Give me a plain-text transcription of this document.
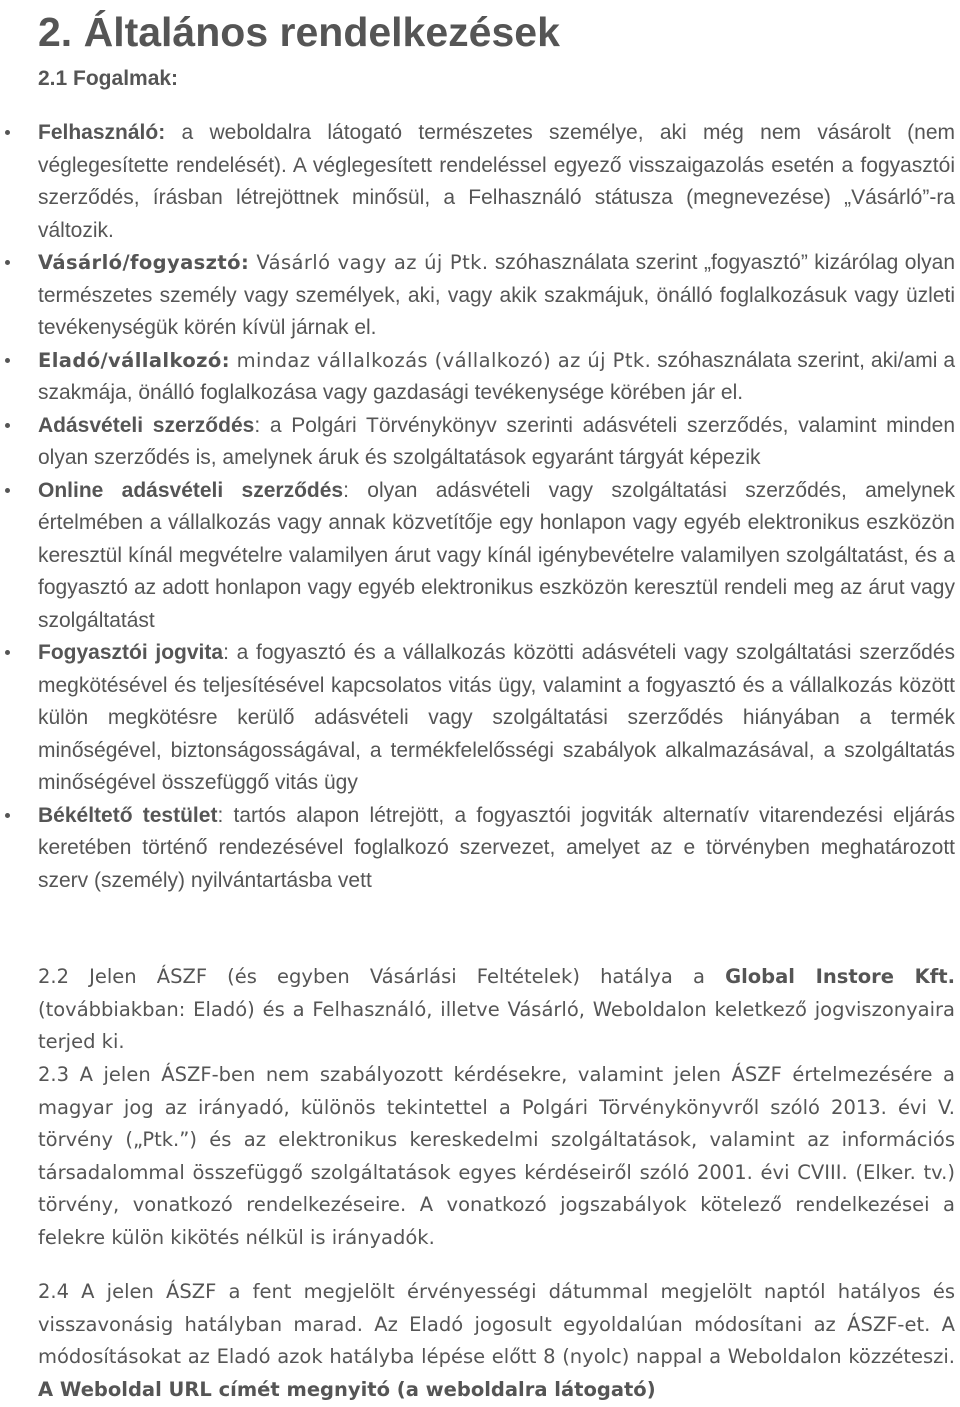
2. Általános rendelkezések
2.1 Fogalmak:
Felhasználó: a weboldalra látogató természetes személye, aki még nem vásárolt (nem véglegesítette rendelését). A véglegesített rendeléssel egyező visszaigazolás esetén a fogyasztói szerződés, írásban létrejöttnek minősül, a Felhasználó státusza (megnevezése) „Vásárló”-ra változik.
Vásárló/fogyasztó: Vásárló vagy az új Ptk. szóhasználata szerint „fogyasztó” kizárólag olyan természetes személy vagy személyek, aki, vagy akik szakmájuk, önálló foglalkozásuk vagy üzleti tevékenységük körén kívül járnak el.
Eladó/vállalkozó: mindaz vállalkozás (vállalkozó) az új Ptk. szóhasználata szerint, aki/ami a szakmája, önálló foglalkozása vagy gazdasági tevékenysége körében jár el.
Adásvételi szerződés: a Polgári Törvénykönyv szerinti adásvételi szerződés, valamint minden olyan szerződés is, amelynek áruk és szolgáltatások egyaránt tárgyát képezik
Online adásvételi szerződés: olyan adásvételi vagy szolgáltatási szerződés, amelynek értelmében a vállalkozás vagy annak közvetítője egy honlapon vagy egyéb elektronikus eszközön keresztül kínál megvételre valamilyen árut vagy kínál igénybevételre valamilyen szolgáltatást, és a fogyasztó az adott honlapon vagy egyéb elektronikus eszközön keresztül rendeli meg az árut vagy szolgáltatást
Fogyasztói jogvita: a fogyasztó és a vállalkozás közötti adásvételi vagy szolgáltatási szerződés megkötésével és teljesítésével kapcsolatos vitás ügy, valamint a fogyasztó és a vállalkozás között külön megkötésre kerülő adásvételi vagy szolgáltatási szerződés hiányában a termék minőségével, biztonságosságával, a termékfelelősségi szabályok alkalmazásával, a szolgáltatás minőségével összefüggő vitás ügy
Békéltető testület: tartós alapon létrejött, a fogyasztói jogviták alternatív vitarendezési eljárás keretében történő rendezésével foglalkozó szervezet, amelyet az e törvényben meghatározott szerv (személy) nyilvántartásba vett

2.2 Jelen ÁSZF (és egyben Vásárlási Feltételek) hatálya a Global Instore Kft. (továbbiakban: Eladó) és a Felhasználó, illetve Vásárló, Weboldalon keletkező jogviszonyaira terjed ki.

2.3 A jelen ÁSZF-ben nem szabályozott kérdésekre, valamint jelen ÁSZF értelmezésére a magyar jog az irányadó, különös tekintettel a Polgári Törvénykönyvről szóló 2013. évi V. törvény („Ptk.”) és az elektronikus kereskedelmi szolgáltatások, valamint az információs társadalommal összefüggő szolgáltatások egyes kérdéseiről szóló 2001. évi CVIII. (Elker. tv.) törvény, vonatkozó rendelkezéseire. A vonatkozó jogszabályok kötelező rendelkezései a felekre külön kikötés nélkül is irányadók.

2.4 A jelen ÁSZF a fent megjelölt érvényességi dátummal megjelölt naptól hatályos és visszavonásig hatályban marad. Az Eladó jogosult egyoldalúan módosítani az ÁSZF-et. A módosításokat az Eladó azok hatályba lépése előtt 8 (nyolc) nappal a Weboldalon közzéteszi. A Weboldal URL címét megnyitó (a weboldalra látogató)
